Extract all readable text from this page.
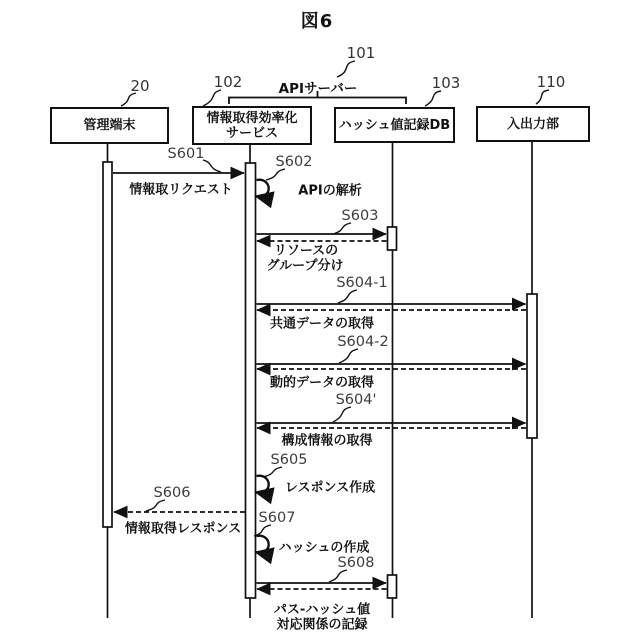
図6
20	102
101
103	110
APIサーバー
管理端末	情報取得効率化
サービス
ハッシュ値記録DB	入出力部
S601	S602
S603
S604-1
S604-2
S604'
S605
S606
S607
S608
情報取リクエスト	APIの解析
リソースの
グループ分け
共通データの取得
動的データの取得
構成情報の取得
レスポンス作成
情報取得レスポンス
ハッシュの作成
パス-ハッシュ値
対応関係の記録
